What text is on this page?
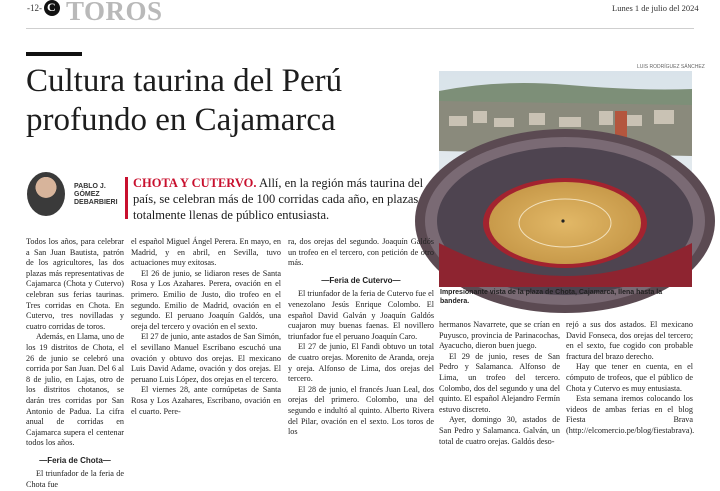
-12- C TOROS	Lunes 1 de julio del 2024
Cultura taurina del Perú profundo en Cajamarca
PABLO J. GÓMEZ DEBARBIERI
CHOTA Y CUTERVO. Allí, en la región más taurina del país, se celebran más de 100 corridas cada año, en plazas totalmente llenas de público entusiasta.
LUIS RODRÍGUEZ SÁNCHEZ
Impresionante vista de la plaza de Chota, Cajamarca, llena hasta la bandera.

Todos los años, para celebrar a San Juan Bautista, patrón de los agricultores, las dos plazas más representativas de Cajamarca (Chota y Cutervo) celebran sus ferias taurinas. Tres corridas en Chota. En Cutervo, tres novilladas y cuatro corridas de toros.

Además, en Llama, uno de los 19 distritos de Chota, el 26 de junio se celebró una corrida por San Juan. Del 6 al 8 de julio, en Lajas, otro de los distritos chotanos, se darán tres corridas por San Antonio de Padua. La cifra anual de corridas en Cajamarca supera el centenar todos los años.

—Feria de Chota—

El triunfador de la feria de Chota fue

el español Miguel Ángel Perera. En mayo, en Madrid, y en abril, en Sevilla, tuvo actuaciones muy exitosas.

El 26 de junio, se lidiaron reses de Santa Rosa y Los Azahares. Perera, ovación en el primero. Emilio de Justo, dio trofeo en el segundo. Emilio de Madrid, ovación en el segundo. El peruano Joaquín Galdós, una oreja del tercero y ovación en el sexto.

El 27 de junio, ante astados de San Simón, el sevillano Manuel Escribano escuchó una ovación y obtuvo dos orejas. El mexicano Luis David Adame, ovación y dos orejas. El peruano Luis López, dos orejas en el tercero.

El viernes 28, ante cornúpetas de Santa Rosa y Los Azahares, Escribano, ovación en el cuarto. Pere-

ra, dos orejas del segundo. Joaquín Galdós un trofeo en el tercero, con petición de otro más.

—Feria de Cutervo—

El triunfador de la feria de Cutervo fue el venezolano Jesús Enrique Colombo. El español David Galván y Joaquín Galdós cuajaron muy buenas faenas. El novillero triunfador fue el peruano Joaquín Caro.

El 27 de junio, El Fandi obtuvo un total de cuatro orejas. Morenito de Aranda, oreja y oreja. Alfonso de Lima, dos orejas del tercero.

El 28 de junio, el francés Juan Leal, dos orejas del primero. Colombo, una del segundo e indultó al quinto. Alberto Rivera del Pilar, ovación en el sexto. Los toros de los

hermanos Navarrete, que se crían en Puyusco, provincia de Parinacochas, Ayacucho, dieron buen juego.

El 29 de junio, reses de San Pedro y Salamanca. Alfonso de Lima, un trofeo del tercero. Colombo, dos del segundo y una del quinto. El español Alejandro Fermín estuvo discreto.

Ayer, domingo 30, astados de San Pedro y Salamanca. Galván, un total de cuatro orejas. Galdós deso-

rejó a sus dos astados. El mexicano David Fonseca, dos orejas del tercero; en el sexto, fue cogido con probable fractura del brazo derecho.

Hay que tener en cuenta, en el cómputo de trofeos, que el público de Chota y Cutervo es muy entusiasta.

Esta semana iremos colocando los videos de ambas ferias en el blog Fiesta Brava (http://elcomercio.pe/blog/fiestabrava).
